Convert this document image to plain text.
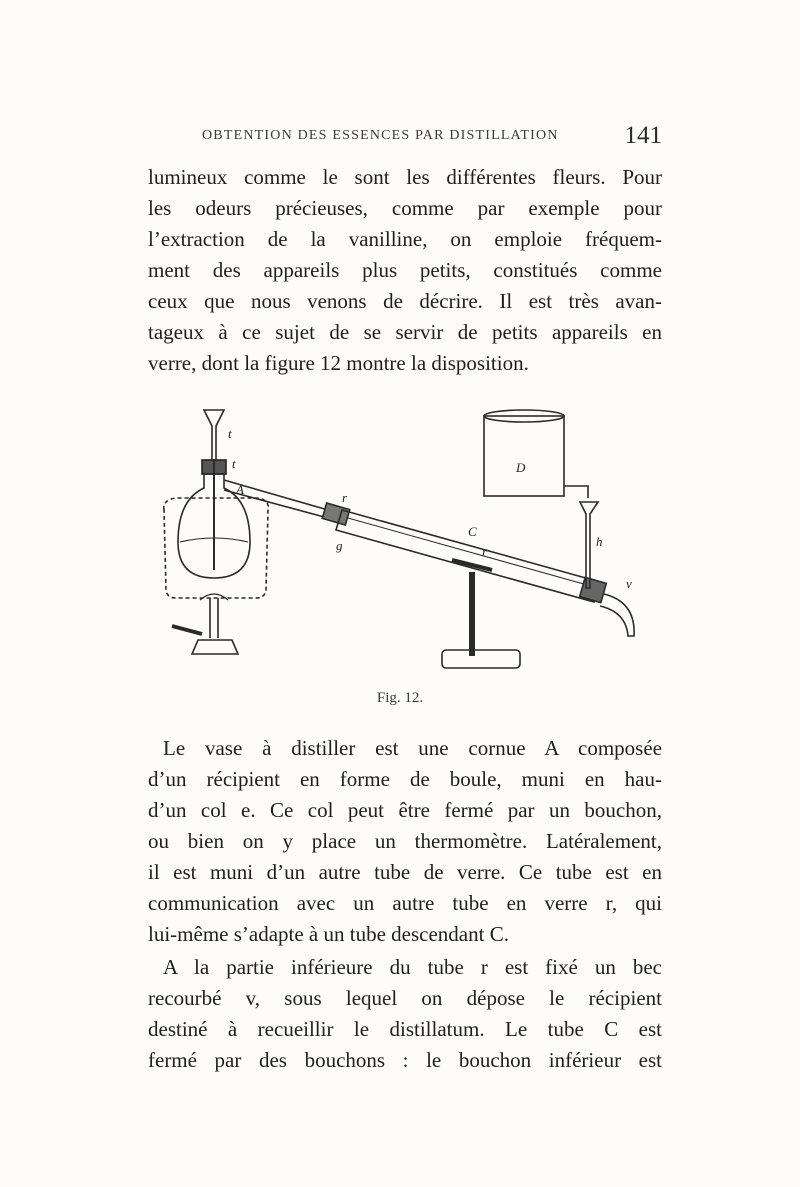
OBTENTION DES ESSENCES PAR DISTILLATION	141
lumineux comme le sont les différentes fleurs. Pour
les odeurs précieuses, comme par exemple pour
l’extraction de la vanilline, on emploie fréquem-
ment des appareils plus petits, constitués comme
ceux que nous venons de décrire. Il est très avan-
tageux à ce sujet de se servir de petits appareils en
verre, dont la figure 12 montre la disposition.
t
t
A
r
g
C
r
D
h
v
Fig. 12.
Le vase à distiller est une cornue A composée
d’un récipient en forme de boule, muni en hau-
d’un col e. Ce col peut être fermé par un bouchon,
ou bien on y place un thermomètre. Latéralement,
il est muni d’un autre tube de verre. Ce tube est en
communication avec un autre tube en verre r, qui
lui-même s’adapte à un tube descendant C.
A la partie inférieure du tube r est fixé un bec
recourbé v, sous lequel on dépose le récipient
destiné à recueillir le distillatum. Le tube C est
fermé par des bouchons : le bouchon inférieur est
